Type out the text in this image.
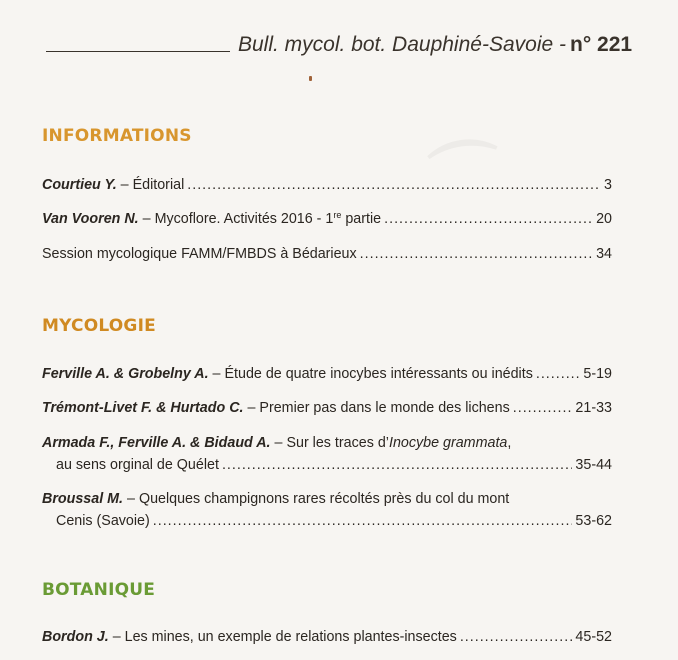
⌒
Bull. mycol. bot. Dauphiné-Savoie - n° 221
INFORMATIONS
Courtieu Y. – Éditorial .....	3
Van Vooren N. – Mycoflore. Activités 2016 - 1re partie .....	20
Session mycologique FAMM/FMBDS à Bédarieux .....	34
MYCOLOGIE
Ferville A. & Grobelny A. – Étude de quatre inocybes intéressants ou inédits .....	5-19
Trémont-Livet F. & Hurtado C. – Premier pas dans le monde des lichens .....	21-33
Armada F., Ferville A. & Bidaud A. – Sur les traces d’Inocybe grammata,
au sens orginal de Quélet .....	35-44
Broussal M. – Quelques champignons rares récoltés près du col du mont
Cenis (Savoie) .....	53-62
BOTANIQUE
Bordon J. – Les mines, un exemple de relations plantes-insectes .....	45-52
